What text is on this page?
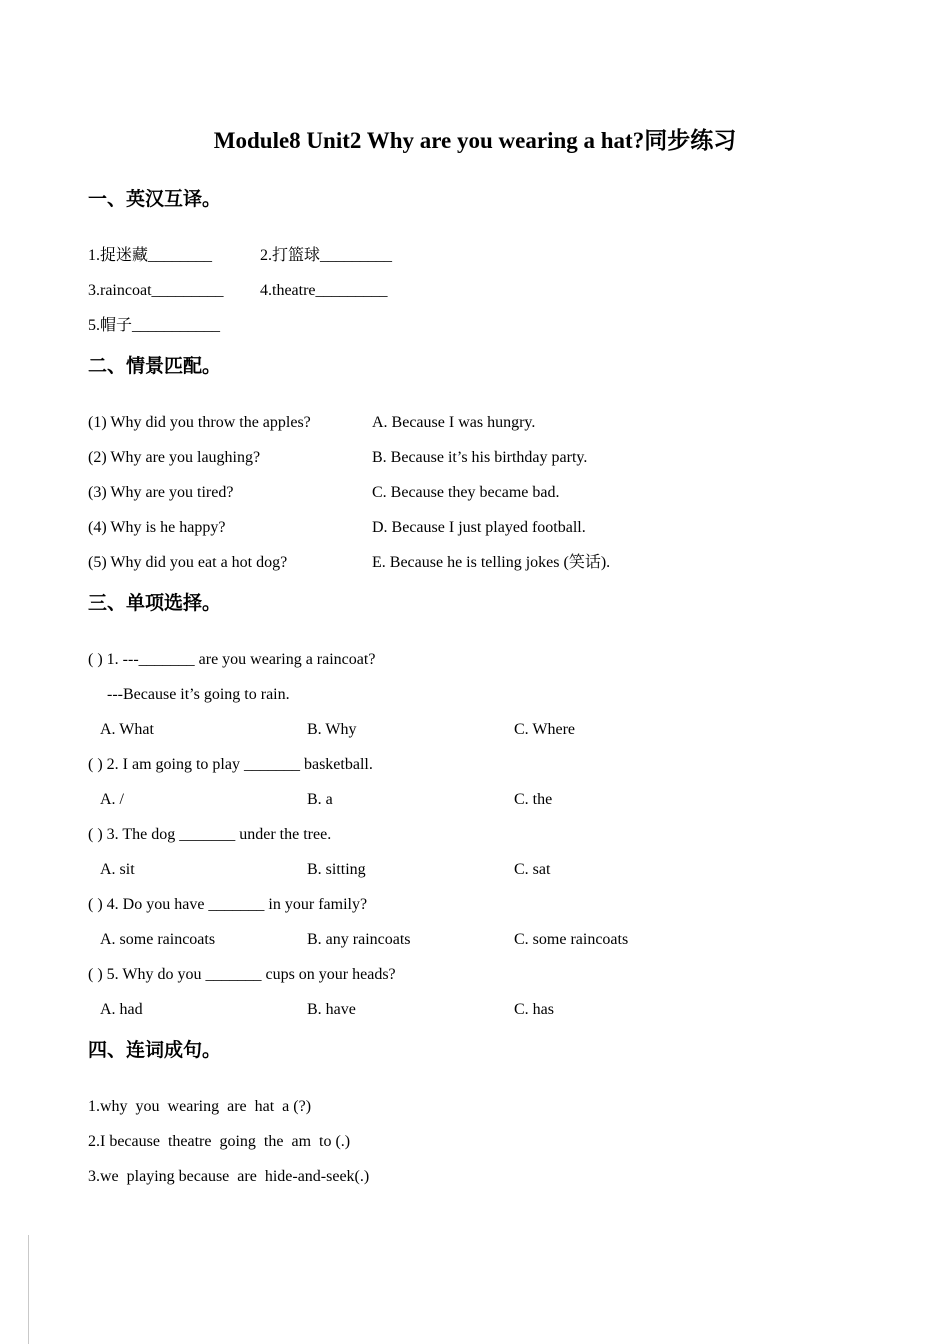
Module8 Unit2 Why are you wearing a hat?同步练习
一、英汉互译。
1.捉迷藏________	2.打篮球_________
3.raincoat_________	4.theatre_________
5.帽子___________
二、情景匹配。
(1) Why did you throw the apples?	A. Because I was hungry.
(2) Why are you laughing?	B. Because it’s his birthday party.
(3) Why are you tired?	C. Because they became bad.
(4) Why is he happy?	D. Because I just played football.
(5) Why did you eat a hot dog?	E. Because he is telling jokes (笑话).
三、单项选择。
( ) 1. ---_______ are you wearing a raincoat?
---Because it’s going to rain.
A. What	B. Why	C. Where
( ) 2. I am going to play _______ basketball.
A. /	B. a	C. the
( ) 3. The dog _______ under the tree.
A. sit	B. sitting	C. sat
( ) 4. Do you have _______ in your family?
A. some raincoats	B. any raincoats	C. some raincoats
( ) 5. Why do you _______ cups on your heads?
A. had	B. have	C. has
四、连词成句。
1.why  you  wearing  are  hat  a (?)
2.I because  theatre  going  the  am  to (.)
3.we  playing because  are  hide-and-seek(.)
